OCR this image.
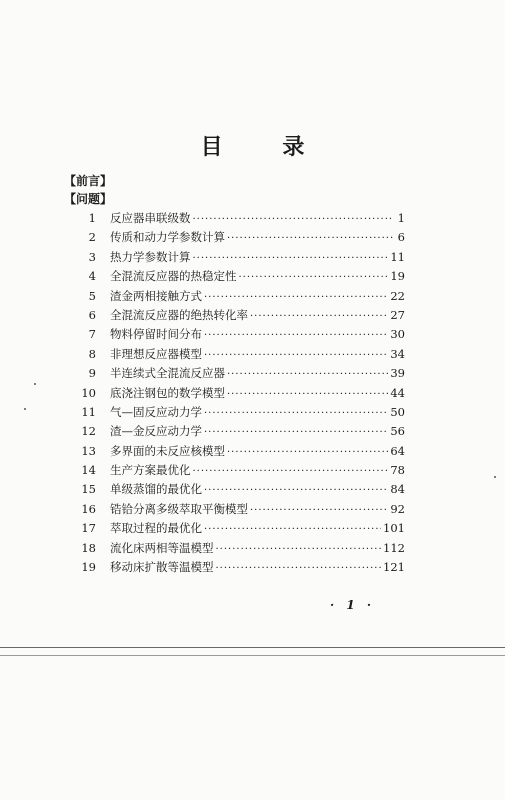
目 录
【前言】
【问题】
1	反应器串联级数 ·····	1
2	传质和动力学参数计算 ·····	6
3	热力学参数计算 ·····	11
4	全混流反应器的热稳定性 ·····	19
5	渣金两相接触方式 ·····	22
6	全混流反应器的绝热转化率 ·····	27
7	物料停留时间分布 ·····	30
8	非理想反应器模型 ·····	34
9	半连续式全混流反应器 ·····	39
10	底浇注钢包的数学模型 ·····	44
11	气—固反应动力学 ·····	50
12	渣—金反应动力学 ·····	56
13	多界面的未反应核模型 ·····	64
14	生产方案最优化 ·····	78
15	单级蒸馏的最优化 ·····	84
16	锆铪分离多级萃取平衡模型 ·····	92
17	萃取过程的最优化 ·····	101
18	流化床两相等温模型 ·····	112
19	移动床扩散等温模型 ·····	121
· 1 ·
